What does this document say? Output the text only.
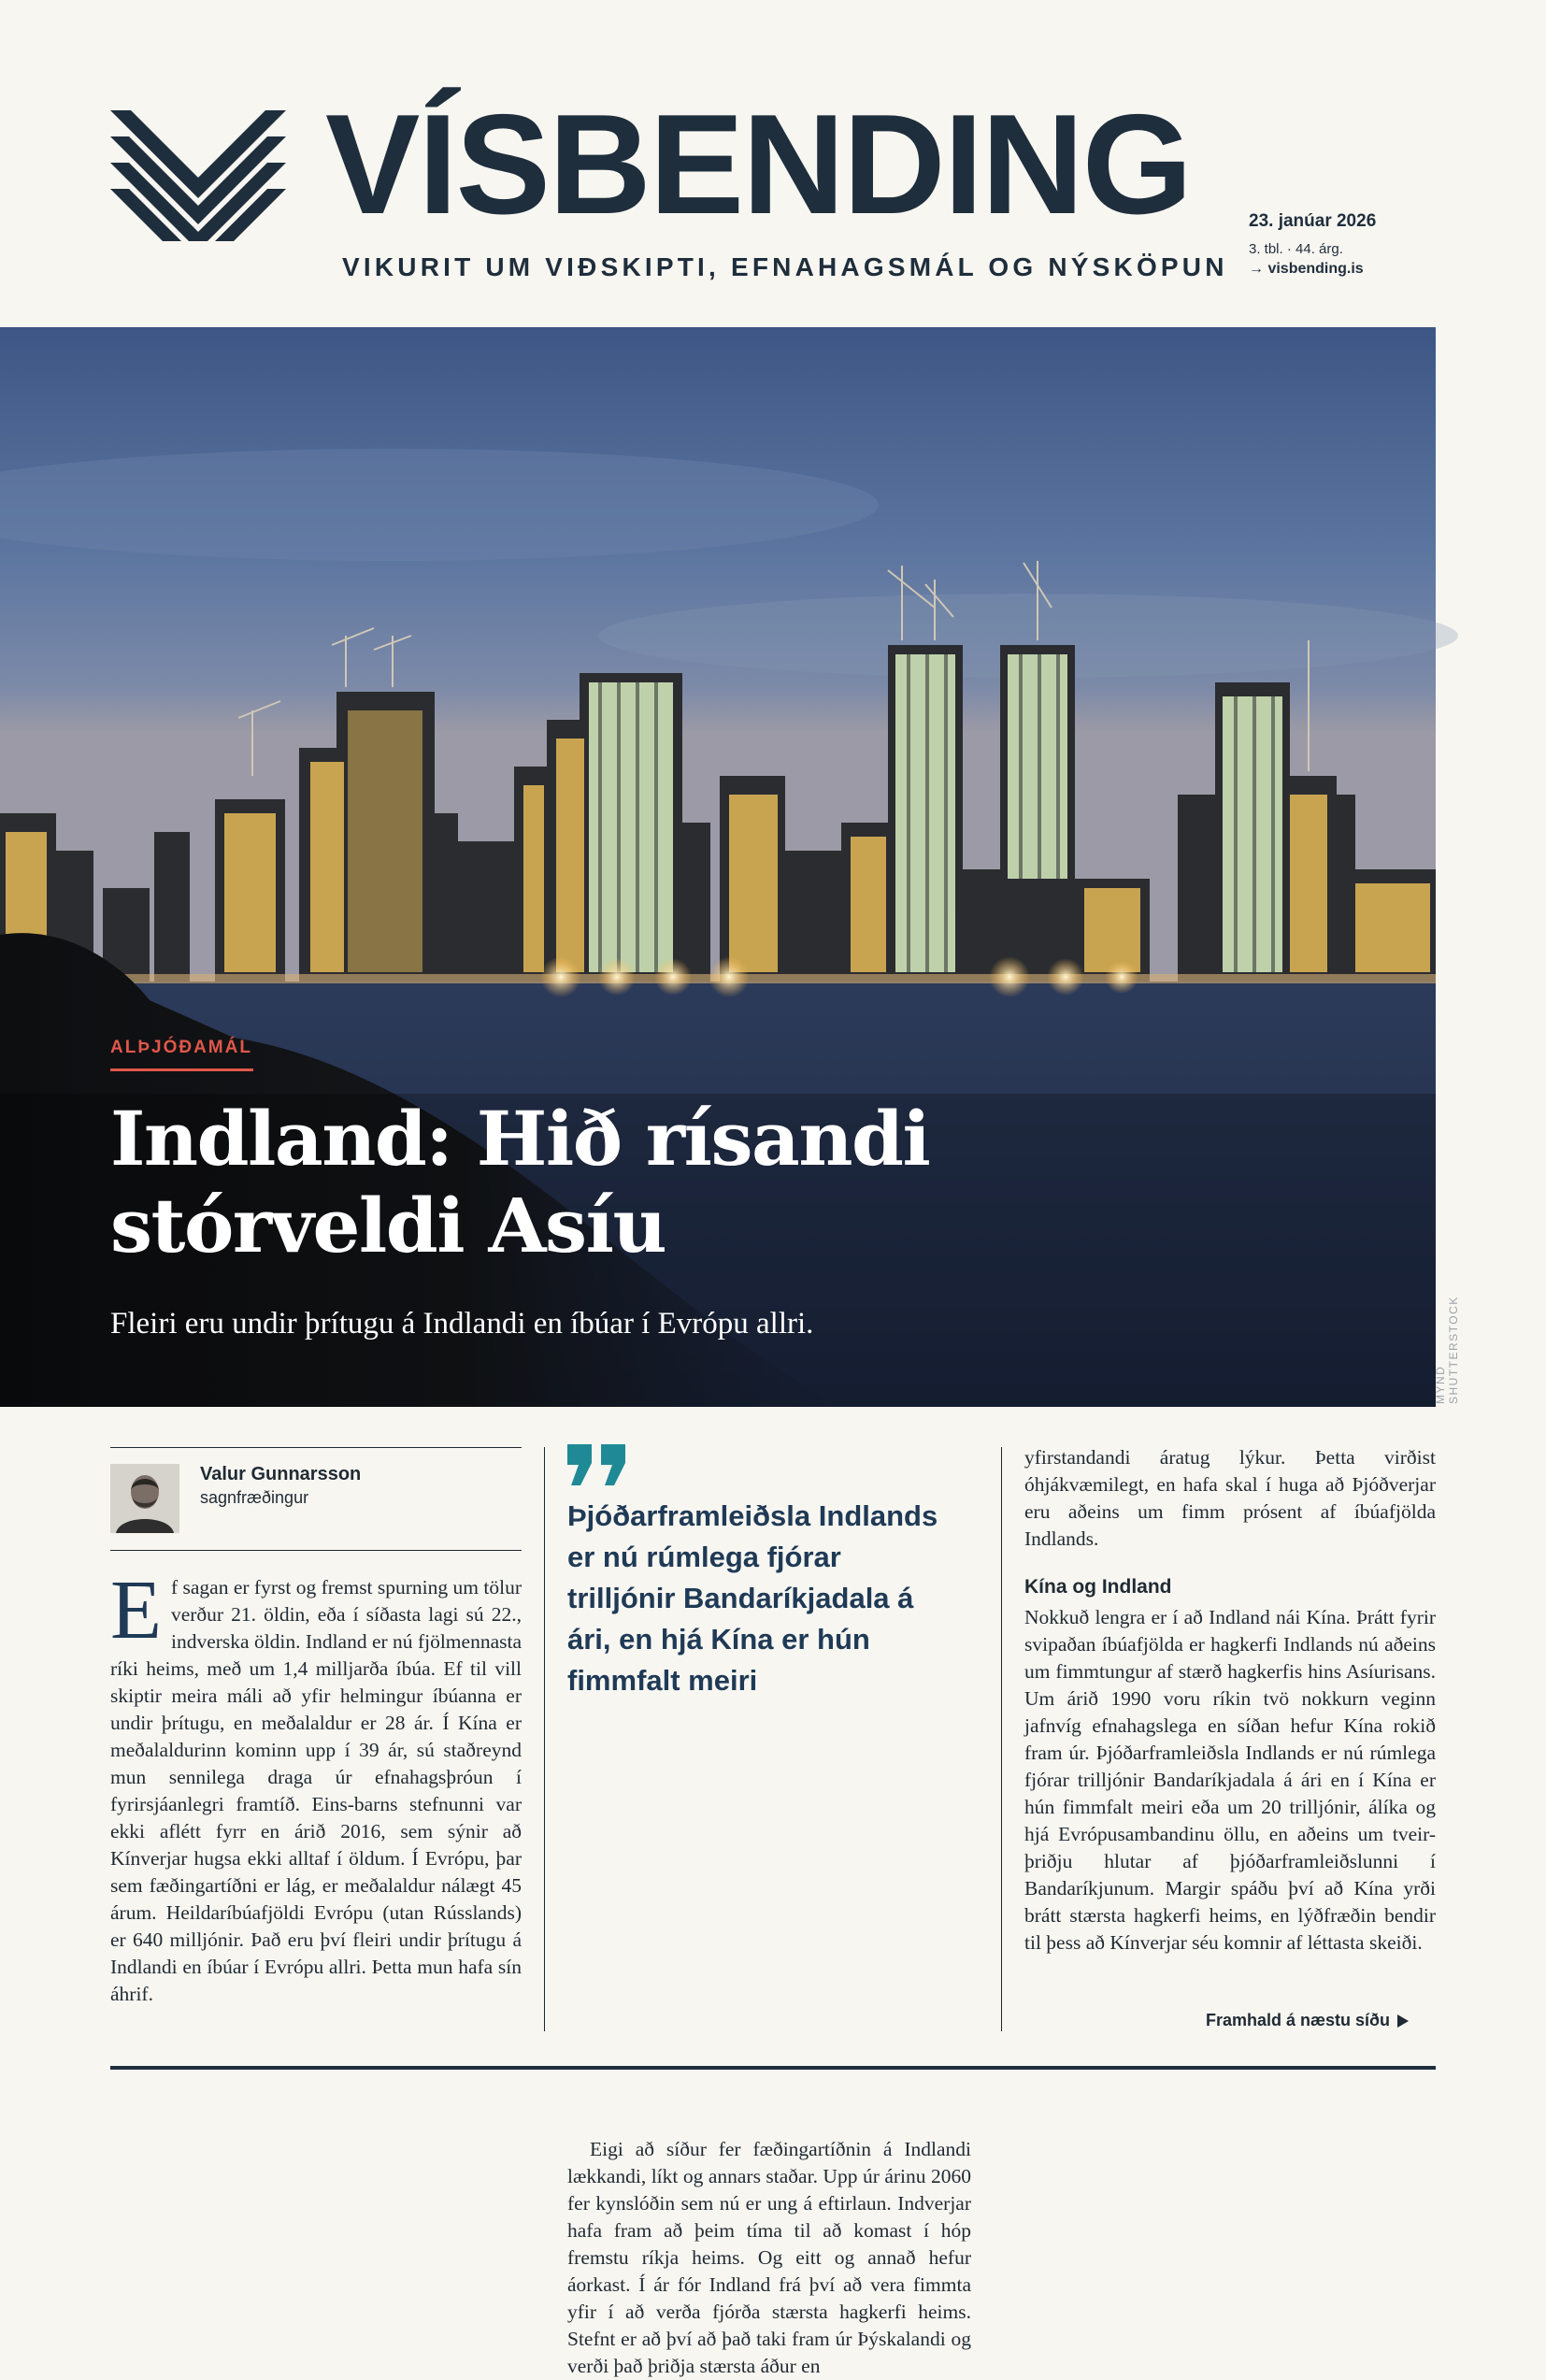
VÍSBENDING
VIKURIT UM VIÐSKIPTI, EFNAHAGSMÁL OG NÝSKÖPUN
23. janúar 2026
3. tbl. · 44. árg.
→ visbending.is
MYND SHUTTERSTOCK
ALÞJÓÐAMÁL
Indland: Hið rísandi
stórveldi Asíu
Fleiri eru undir þrítugu á Indlandi en íbúar í Evrópu allri.
Valur Gunnarsson
sagnfræðingur

Ef sagan er fyrst og fremst spurning um tölur verður 21. öldin, eða í síðasta lagi sú 22., indverska öldin. Indland er nú fjölmennasta ríki heims, með um 1,4 milljarða íbúa. Ef til vill skiptir meira máli að yfir helmingur íbúanna er undir þrítugu, en meðalaldur er 28 ár. Í Kína er meðalaldurinn kominn upp í 39 ár, sú staðreynd mun sennilega draga úr efnahagsþróun í fyrirsjáanlegri framtíð. Eins-barns stefnunni var ekki aflétt fyrr en árið 2016, sem sýnir að Kínverjar hugsa ekki alltaf í öldum. Í Evrópu, þar sem fæðingartíðni er lág, er meðalaldur nálægt 45 árum. Heildaríbúafjöldi Evrópu (utan Rússlands) er 640 milljónir. Það eru því fleiri undir þrítugu á Indlandi en íbúar í Evrópu allri. Þetta mun hafa sín áhrif.

Þjóðarframleiðsla Indlands er nú rúmlega fjórar trilljónir Bandaríkjadala á ári, en hjá Kína er hún fimmfalt meiri

Eigi að síður fer fæðingartíðnin á Indlandi lækkandi, líkt og annars staðar. Upp úr árinu 2060 fer kynslóðin sem nú er ung á eftirlaun. Indverjar hafa fram að þeim tíma til að komast í hóp fremstu ríkja heims. Og eitt og annað hefur áorkast. Í ár fór Indland frá því að vera fimmta yfir í að verða fjórða stærsta hagkerfi heims. Stefnt er að því að það taki fram úr Þýskalandi og verði það þriðja stærsta áður en

yfirstandandi áratug lýkur. Þetta virðist óhjákvæmilegt, en hafa skal í huga að Þjóðverjar eru aðeins um fimm prósent af íbúafjölda Indlands.

Kína og Indland

Nokkuð lengra er í að Indland nái Kína. Þrátt fyrir svipaðan íbúafjölda er hagkerfi Indlands nú aðeins um fimmtungur af stærð hagkerfis hins Asíurisans. Um árið 1990 voru ríkin tvö nokkurn veginn jafnvíg efnahagslega en síðan hefur Kína rokið fram úr. Þjóðarframleiðsla Indlands er nú rúmlega fjórar trilljónir Bandaríkjadala á ári en í Kína er hún fimmfalt meiri eða um 20 trilljónir, álíka og hjá Evrópusambandinu öllu, en aðeins um tveir-þriðju hlutar af þjóðarframleiðslunni í Bandaríkjunum. Margir spáðu því að Kína yrði brátt stærsta hagkerfi heims, en lýðfræðin bendir til þess að Kínverjar séu komnir af léttasta skeiði.

Framhald á næstu síðu
